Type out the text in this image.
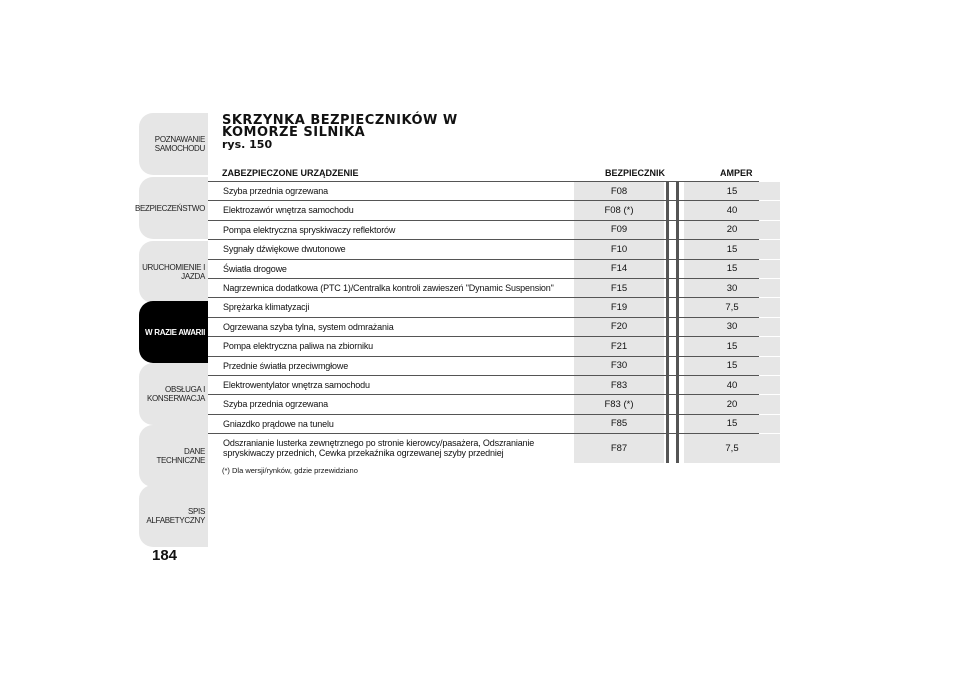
POZNAWANIE
SAMOCHODU
BEZPIECZEŃSTWO
URUCHOMIENIE I
JAZDA
W RAZIE AWARII
OBSŁUGA I
KONSERWACJA
DANE TECHNICZNE
SPIS ALFABETYCZNY
184
SKRZYNKA BEZPIECZNIKÓW W
KOMORZE SILNIKA
rys. 150
ZABEZPIECZONE URZĄDZENIE	BEZPIECZNIK	AMPER
Szyba przednia ogrzewana	F08	15
Elektrozawór wnętrza samochodu	F08 (*)	40
Pompa elektryczna spryskiwaczy reflektorów	F09	20
Sygnały dźwiękowe dwutonowe	F10	15
Światła drogowe	F14	15
Nagrzewnica dodatkowa (PTC 1)/Centralka kontroli zawieszeń "Dynamic Suspension"	F15	30
Sprężarka klimatyzacji	F19	7,5
Ogrzewana szyba tylna, system odmrażania	F20	30
Pompa elektryczna paliwa na zbiorniku	F21	15
Przednie światła przeciwmgłowe	F30	15
Elektrowentylator wnętrza samochodu	F83	40
Szyba przednia ogrzewana	F83 (*)	20
Gniazdko prądowe na tunelu	F85	15
Odszranianie lusterka zewnętrznego po stronie kierowcy/pasażera, Odszranianie spryskiwaczy przednich, Cewka przekaźnika ogrzewanej szyby przedniej	F87	7,5
(*) Dla wersji/rynków, gdzie przewidziano
